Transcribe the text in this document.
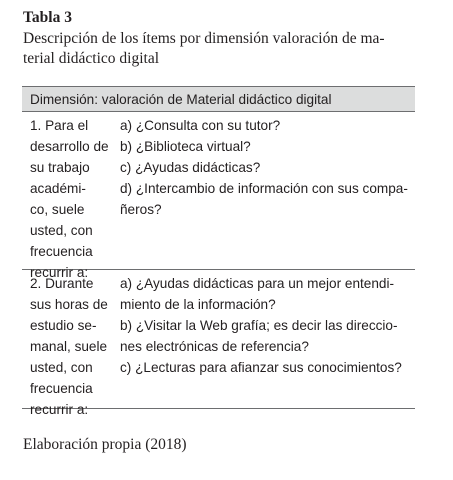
Tabla 3

Descripción de los ítems por dimensión valoración de ma-
terial didáctico digital

Dimensión: valoración de Material didáctico digital
1. Para el
desarrollo de
su trabajo
académi-
co, suele
usted, con
frecuencia
recurrir a:
a) ¿Consulta con su tutor?
b) ¿Biblioteca virtual?
c) ¿Ayudas didácticas?
d) ¿Intercambio de información con sus compa-
ñeros?
2. Durante
sus horas de
estudio se-
manal, suele
usted, con
frecuencia
recurrir a:
a) ¿Ayudas didácticas para un mejor entendi-
miento de la información?
b) ¿Visitar la Web grafía; es decir las direccio-
nes electrónicas de referencia?
c) ¿Lecturas para afianzar sus conocimientos?

Elaboración propia (2018)
